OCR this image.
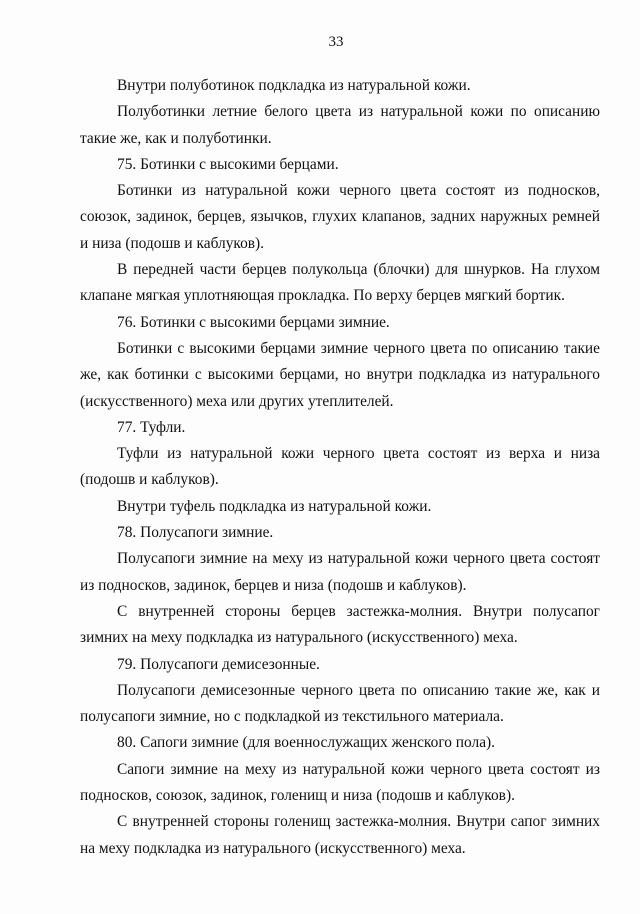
33

Внутри полуботинок подкладка из натуральной кожи.

Полуботинки летние белого цвета из натуральной кожи по описанию такие же, как и полуботинки.

75. Ботинки с высокими берцами.

Ботинки из натуральной кожи черного цвета состоят из подносков, союзок, задинок, берцев, язычков, глухих клапанов, задних наружных ремней и низа (подошв и каблуков).

В передней части берцев полукольца (блочки) для шнурков. На глухом клапане мягкая уплотняющая прокладка. По верху берцев мягкий бортик.

76. Ботинки с высокими берцами зимние.

Ботинки с высокими берцами зимние черного цвета по описанию такие же, как ботинки с высокими берцами, но внутри подкладка из натурального (искусственного) меха или других утеплителей.

77. Туфли.

Туфли из натуральной кожи черного цвета состоят из верха и низа (подошв и каблуков).

Внутри туфель подкладка из натуральной кожи.

78. Полусапоги зимние.

Полусапоги зимние на меху из натуральной кожи черного цвета состоят из подносков, задинок, берцев и низа (подошв и каблуков).

С внутренней стороны берцев застежка-молния. Внутри полусапог зимних на меху подкладка из натурального (искусственного) меха.

79. Полусапоги демисезонные.

Полусапоги демисезонные черного цвета по описанию такие же, как и полусапоги зимние, но с подкладкой из текстильного материала.

80. Сапоги зимние (для военнослужащих женского пола).

Сапоги зимние на меху из натуральной кожи черного цвета состоят из подносков, союзок, задинок, голенищ и низа (подошв и каблуков).

С внутренней стороны голенищ застежка-молния. Внутри сапог зимних на меху подкладка из натурального (искусственного) меха.
